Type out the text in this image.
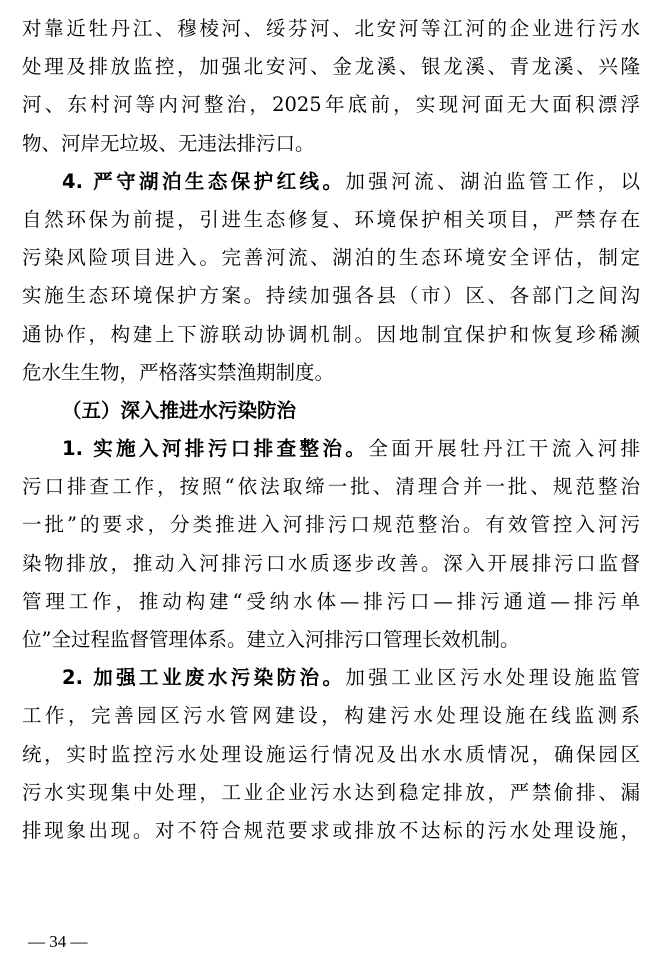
对靠近牡丹江、穆棱河、绥芬河、北安河等江河的企业进行污水
处理及排放监控，加强北安河、金龙溪、银龙溪、青龙溪、兴隆
河、东村河等内河整治，2025年底前，实现河面无大面积漂浮
物、河岸无垃圾、无违法排污口。
4. 严守湖泊生态保护红线。加强河流、湖泊监管工作，以
自然环保为前提，引进生态修复、环境保护相关项目，严禁存在
污染风险项目进入。完善河流、湖泊的生态环境安全评估，制定
实施生态环境保护方案。持续加强各县（市）区、各部门之间沟
通协作，构建上下游联动协调机制。因地制宜保护和恢复珍稀濒
危水生生物，严格落实禁渔期制度。
（五）深入推进水污染防治
1. 实施入河排污口排查整治。全面开展牡丹江干流入河排
污口排查工作，按照“依法取缔一批、清理合并一批、规范整治
一批”的要求，分类推进入河排污口规范整治。有效管控入河污
染物排放，推动入河排污口水质逐步改善。深入开展排污口监督
管理工作，推动构建“受纳水体—排污口—排污通道—排污单
位”全过程监督管理体系。建立入河排污口管理长效机制。
2. 加强工业废水污染防治。加强工业区污水处理设施监管
工作，完善园区污水管网建设，构建污水处理设施在线监测系
统，实时监控污水处理设施运行情况及出水水质情况，确保园区
污水实现集中处理，工业企业污水达到稳定排放，严禁偷排、漏
排现象出现。对不符合规范要求或排放不达标的污水处理设施，
— 34 —
